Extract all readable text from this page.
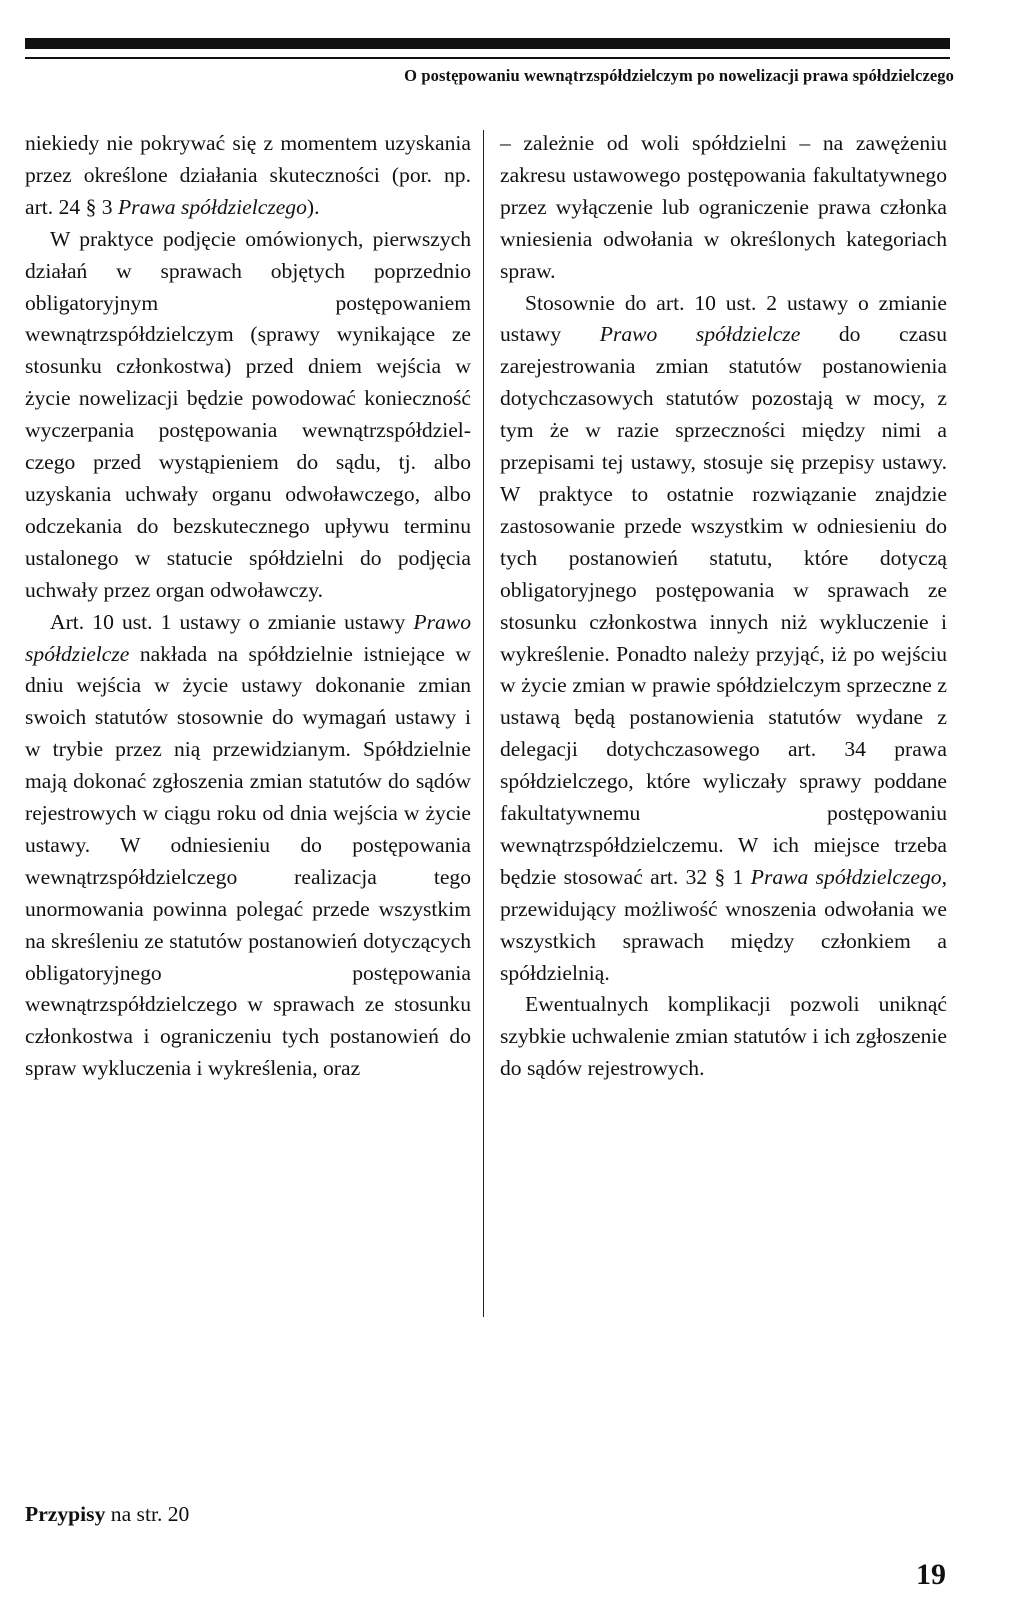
O postępowaniu wewnątrzspółdzielczym po nowelizacji prawa spółdzielczego

niekiedy nie pokrywać się z momentem uzyskania przez określone działania skuteczności (por. np. art. 24 § 3 Prawa spółdzielczego).

W praktyce podjęcie omówionych, pierwszych działań w sprawach objętych poprzednio obligatoryjnym postępowaniem wewnątrzspółdzielczym (sprawy wynikające ze stosunku członkostwa) przed dniem wejścia w życie nowelizacji będzie powodować konieczność wyczerpania postępowania wewnątrzspółdzielczego przed wystąpieniem do sądu, tj. albo uzyskania uchwały organu odwoławczego, albo odczekania do bezskutecznego upływu terminu ustalonego w statucie spółdzielni do podjęcia uchwały przez organ odwoławczy.

Art. 10 ust. 1 ustawy o zmianie ustawy Prawo spółdzielcze nakłada na spółdzielnie istniejące w dniu wejścia w życie ustawy dokonanie zmian swoich statutów stosownie do wymagań ustawy i w trybie przez nią przewidzianym. Spółdzielnie mają dokonać zgłoszenia zmian statutów do sądów rejestrowych w ciągu roku od dnia wejścia w życie ustawy. W odniesieniu do postępowania wewnątrzspółdzielczego realizacja tego unormowania powinna polegać przede wszystkim na skreśleniu ze statutów postanowień dotyczących obligatoryjnego postępowania wewnątrzspółdzielczego w sprawach ze stosunku członkostwa i ograniczeniu tych postanowień do spraw wykluczenia i wykreślenia, oraz

– zależnie od woli spółdzielni – na zawężeniu zakresu ustawowego postępowania fakultatywnego przez wyłączenie lub ograniczenie prawa członka wniesienia odwołania w określonych kategoriach spraw.

Stosownie do art. 10 ust. 2 ustawy o zmianie ustawy Prawo spółdzielcze do czasu zarejestrowania zmian statutów postanowienia dotychczasowych statutów pozostają w mocy, z tym że w razie sprzeczności między nimi a przepisami tej ustawy, stosuje się przepisy ustawy. W praktyce to ostatnie rozwiązanie znajdzie zastosowanie przede wszystkim w odniesieniu do tych postanowień statutu, które dotyczą obligatoryjnego postępowania w sprawach ze stosunku członkostwa innych niż wykluczenie i wykreślenie. Ponadto należy przyjąć, iż po wejściu w życie zmian w prawie spółdzielczym sprzeczne z ustawą będą postanowienia statutów wydane z delegacji dotychczasowego art. 34 prawa spółdzielczego, które wyliczały sprawy poddane fakultatywnemu postępowaniu wewnątrzspółdzielczemu. W ich miejsce trzeba będzie stosować art. 32 § 1 Prawa spółdzielczego, przewidujący możliwość wnoszenia odwołania we wszystkich sprawach między członkiem a spółdzielnią.

Ewentualnych komplikacji pozwoli uniknąć szybkie uchwalenie zmian statutów i ich zgłoszenie do sądów rejestrowych.

Przypisy na str. 20
19
